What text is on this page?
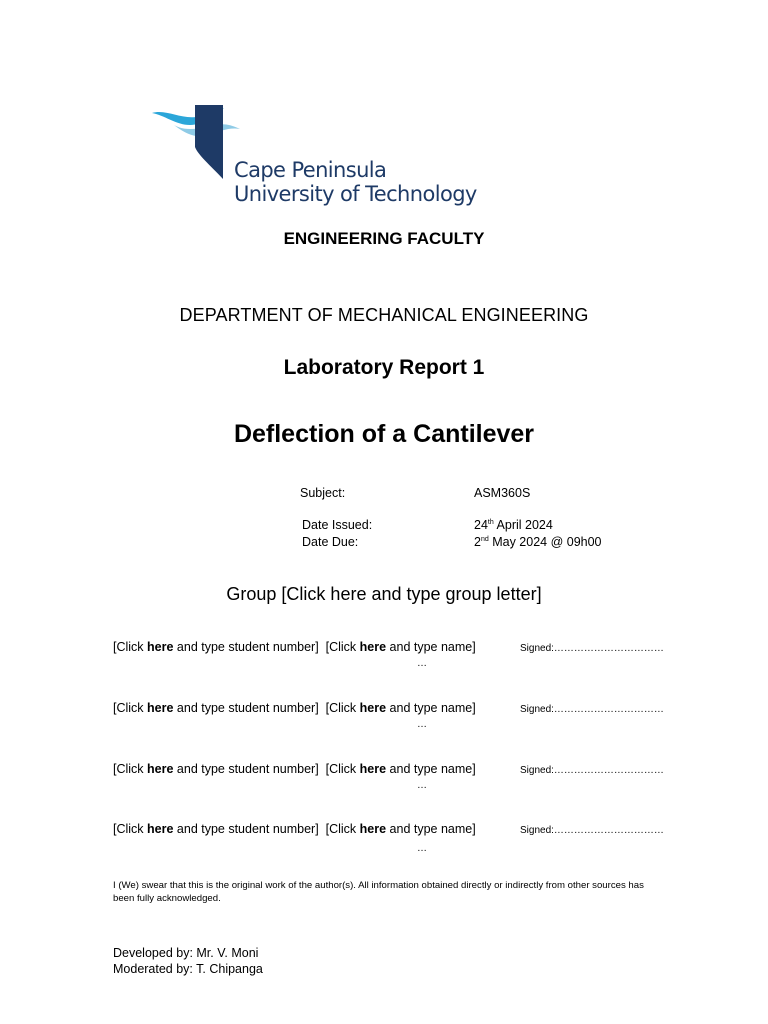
Cape Peninsula
University of Technology
ENGINEERING FACULTY
DEPARTMENT OF MECHANICAL ENGINEERING
Laboratory Report 1
Deflection of a Cantilever
Subject:	ASM360S
Date Issued:	24th April 2024
Date Due:	2nd May 2024 @ 09h00
Group [Click here and type group letter]
[Click here and type student number] [Click here and type name]	Signed:……………………………
…
[Click here and type student number] [Click here and type name]	Signed:……………………………
…
[Click here and type student number] [Click here and type name]	Signed:……………………………
…
[Click here and type student number] [Click here and type name]	Signed:……………………………
…
I (We) swear that this is the original work of the author(s). All information obtained directly or indirectly from other sources has been fully acknowledged.
Developed by: Mr. V. Moni
Moderated by: T. Chipanga
